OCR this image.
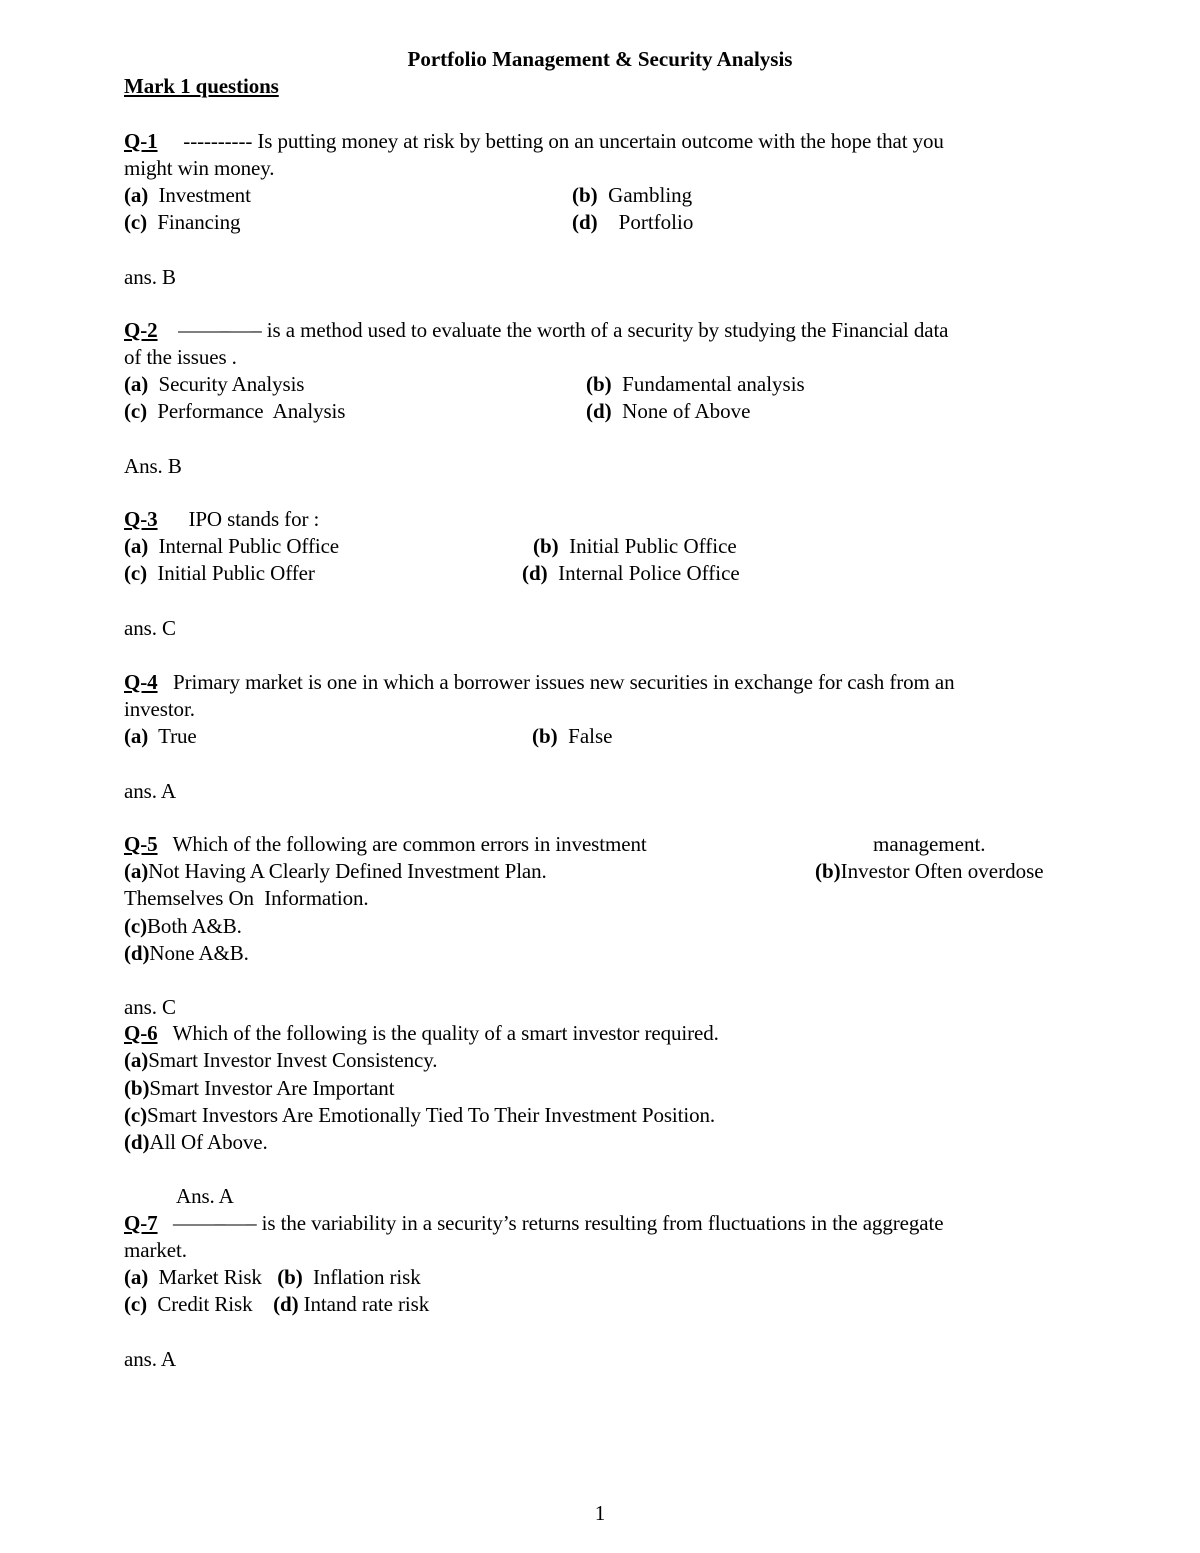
Portfolio Management & Security Analysis
Mark 1 questions
Q-1 ---------- Is putting money at risk by betting on an uncertain outcome with the hope that you
might win money.
(a) Investment	(b) Gambling
(c) Financing	(d) Portfolio
ans. B
Q-2 ——–—– is a method used to evaluate the worth of a security by studying the Financial data
of the issues .
(a) Security Analysis	(b) Fundamental analysis
(c) Performance  Analysis	(d) None of Above
Ans. B
Q-3 IPO stands for :
(a) Internal Public Office	(b) Initial Public Office
(c) Initial Public Offer	(d) Internal Police Office
ans. C
Q-4 Primary market is one in which a borrower issues new securities in exchange for cash from an
investor.
(a) True	(b) False
ans. A
Q-5 Which of the following are common errors in investment	management.
(a)Not Having A Clearly Defined Investment Plan.	(b)Investor Often overdose
Themselves On  Information.
(c)Both A&B.
(d)None A&B.
ans. C
Q-6 Which of the following is the quality of a smart investor required.
(a)Smart Investor Invest Consistency.
(b)Smart Investor Are Important
(c)Smart Investors Are Emotionally Tied To Their Investment Position.
(d)All Of Above.
Ans. A
Q-7 ——–—– is the variability in a security’s returns resulting from fluctuations in the aggregate
market.
(a) Market Risk (b) Inflation risk
(c) Credit Risk (d) Intand rate risk
ans. A
1
